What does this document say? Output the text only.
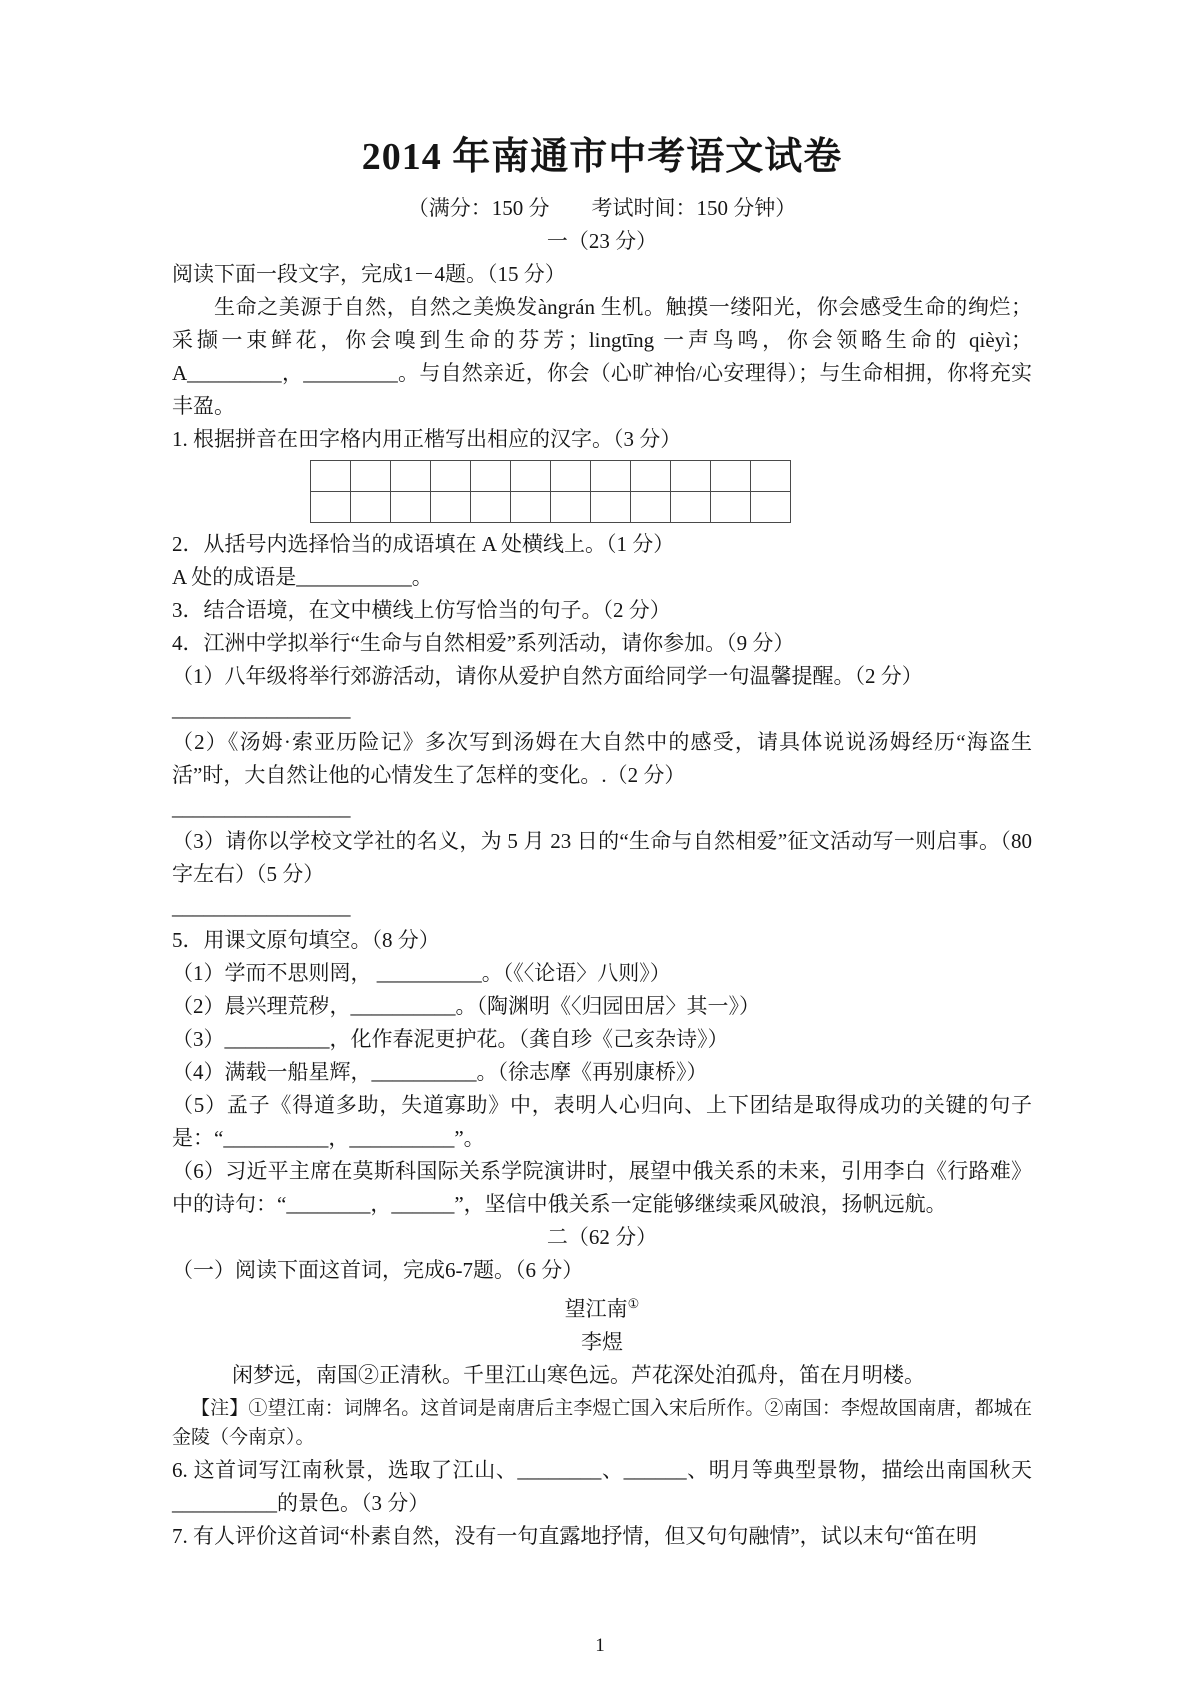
2014 年南通市中考语文试卷

（满分：150 分　　考试时间：150 分钟）

一（23 分）

阅读下面一段文字，完成1－4题。（15 分）

生命之美源于自然，自然之美焕发àngrán 生机。触摸一缕阳光，你会感受生命的绚烂；采撷一束鲜花，你会嗅到生命的芬芳；lingtīng 一声鸟鸣，你会领略生命的 qièyì；A_________，_________。与自然亲近，你会（心旷神怡/心安理得）；与生命相拥，你将充实丰盈。

1. 根据拼音在田字格内用正楷写出相应的汉字。（3 分）

2．从括号内选择恰当的成语填在 A 处横线上。（1 分）

A 处的成语是___________。

3．结合语境，在文中横线上仿写恰当的句子。（2 分）

4．江洲中学拟举行“生命与自然相爱”系列活动，请你参加。（9 分）

（1）八年级将举行郊游活动，请你从爱护自然方面给同学一句温馨提醒。（2 分）

_________________

（2）《汤姆·索亚历险记》多次写到汤姆在大自然中的感受，请具体说说汤姆经历“海盗生活”时，大自然让他的心情发生了怎样的变化。.（2 分）

_________________

（3）请你以学校文学社的名义，为 5 月 23 日的“生命与自然相爱”征文活动写一则启事。（80 字左右）（5 分）

_________________

5．用课文原句填空。（8 分）

（1）学而不思则罔， __________。（《〈论语〉八则》）

（2）晨兴理荒秽，__________。（陶渊明《〈归园田居〉其一》）

（3）__________，化作春泥更护花。（龚自珍《己亥杂诗》）

（4）满载一船星辉，__________。（徐志摩《再别康桥》）

（5）孟子《得道多助，失道寡助》中，表明人心归向、上下团结是取得成功的关键的句子是：“__________，__________”。

（6）习近平主席在莫斯科国际关系学院演讲时，展望中俄关系的未来，引用李白《行路难》中的诗句：“________，______”，坚信中俄关系一定能够继续乘风破浪，扬帆远航。

二（62 分）

（一）阅读下面这首词，完成6-7题。（6 分）

望江南①

李煜

闲梦远，南国②正清秋。千里江山寒色远。芦花深处泊孤舟，笛在月明楼。

【注】①望江南：词牌名。这首词是南唐后主李煜亡国入宋后所作。②南国：李煜故国南唐，都城在金陵（今南京）。

6. 这首词写江南秋景，选取了江山、________、______、明月等典型景物，描绘出南国秋天__________的景色。（3 分）

7. 有人评价这首词“朴素自然，没有一句直露地抒情，但又句句融情”，试以末句“笛在明

1
